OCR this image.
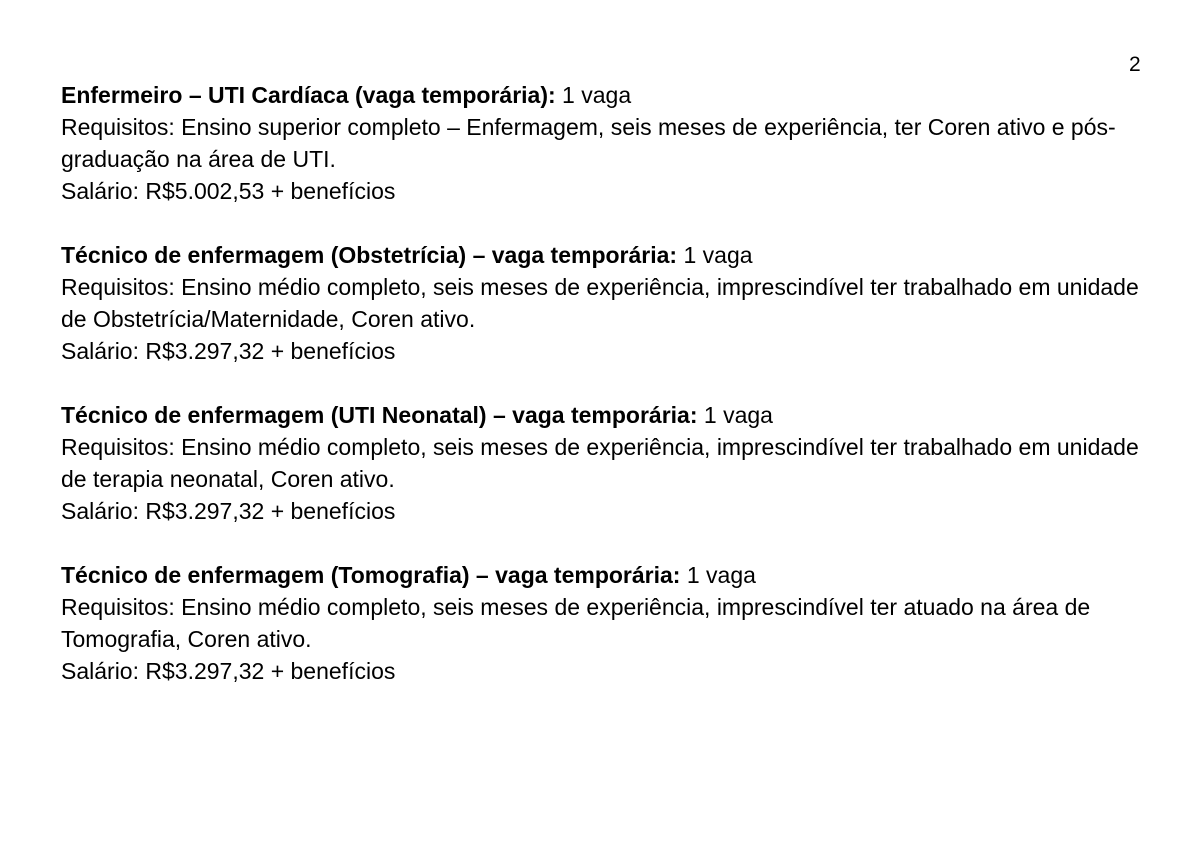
2

Enfermeiro – UTI Cardíaca (vaga temporária): 1 vaga

Requisitos: Ensino superior completo – Enfermagem, seis meses de experiência, ter Coren ativo e pós-graduação na área de UTI.

Salário: R$5.002,53 + benefícios

Técnico de enfermagem (Obstetrícia) – vaga temporária: 1 vaga

Requisitos: Ensino médio completo, seis meses de experiência, imprescindível ter trabalhado em unidade de Obstetrícia/Maternidade, Coren ativo.

Salário: R$3.297,32 + benefícios

Técnico de enfermagem (UTI Neonatal) – vaga temporária: 1 vaga

Requisitos: Ensino médio completo, seis meses de experiência, imprescindível ter trabalhado em unidade de terapia neonatal, Coren ativo.

Salário: R$3.297,32 + benefícios

Técnico de enfermagem (Tomografia) – vaga temporária: 1 vaga

Requisitos: Ensino médio completo, seis meses de experiência, imprescindível ter atuado na área de Tomografia, Coren ativo.

Salário: R$3.297,32 + benefícios
